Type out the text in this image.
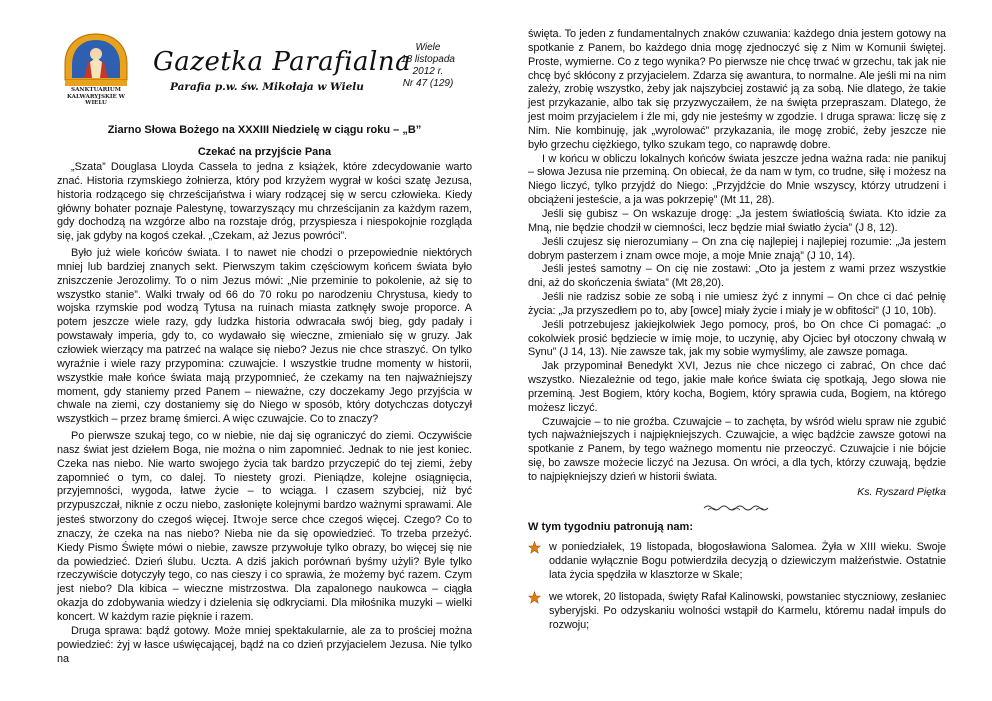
SANKTUARIUM KALWARYJSKIE W WIELU
Gazetka Parafialna
Parafia p.w. św. Mikołaja w Wielu
Wiele
18 listopada
2012 r.
Nr 47 (129)
Ziarno Słowa Bożego na XXXIII Niedzielę w ciągu roku – „B”
Czekać na przyjście Pana

„Szata” Douglasa Lloyda Cassela to jedna z książek, które zdecydowanie warto znać. Historia rzymskiego żołnierza, który pod krzyżem wygrał w kości szatę Jezusa, historia rodzącego się chrześcijaństwa i wiary rodzącej się w sercu człowieka. Kiedy główny bohater poznaje Palestynę, towarzyszący mu chrześcijanin za każdym razem, gdy dochodzą na wzgórze albo na rozstaje dróg, przyspiesza i niespokojnie rozgląda się, jak gdyby na kogoś czekał. „Czekam, aż Jezus powróci”.

Było już wiele końców świata. I to nawet nie chodzi o przepowiednie niektórych mniej lub bardziej znanych sekt. Pierwszym takim częściowym końcem świata było zniszczenie Jerozolimy. To o nim Jezus mówi: „Nie przeminie to pokolenie, aż się to wszystko stanie”. Walki trwały od 66 do 70 roku po narodzeniu Chrystusa, kiedy to wojska rzymskie pod wodzą Tytusa na ruinach miasta zatknęły swoje proporce. A potem jeszcze wiele razy, gdy ludzka historia odwracała swój bieg, gdy padały i powstawały imperia, gdy to, co wydawało się wieczne, zmieniało się w gruzy. Jak człowiek wierzący ma patrzeć na walące się niebo? Jezus nie chce straszyć. On tylko wyraźnie i wiele razy przypomina: czuwajcie. I wszystkie trudne momenty w historii, wszystkie małe końce świata mają przypomnieć, że czekamy na ten najważniejszy moment, gdy staniemy przed Panem – nieważne, czy doczekamy Jego przyjścia w chwale na ziemi, czy dostaniemy się do Niego w sposób, który dotychczas dotyczył wszystkich – przez bramę śmierci. A więc czuwajcie. Co to znaczy?

Po pierwsze szukaj tego, co w niebie, nie daj się ograniczyć do ziemi. Oczywiście nasz świat jest dziełem Boga, nie można o nim zapomnieć. Jednak to nie jest koniec. Czeka nas niebo. Nie warto swojego życia tak bardzo przyczepić do tej ziemi, żeby zapomnieć o tym, co dalej. To niestety grozi. Pieniądze, kolejne osiągnięcia, przyjemności, wygoda, łatwe życie – to wciąga. I czasem szybciej, niż być przypuszczał, niknie z oczu niebo, zasłonięte kolejnymi bardzo ważnymi sprawami. Ale jesteś stworzony do czegoś więcej. Itwoje serce chce czegoś więcej. Czego? Co to znaczy, że czeka na nas niebo? Nieba nie da się opowiedzieć. To trzeba przeżyć. Kiedy Pismo Święte mówi o niebie, zawsze przywołuje tylko obrazy, bo więcej się nie da powiedzieć. Dzień ślubu. Uczta. A dziś jakich porównań byśmy użyli? Byle tylko rzeczywiście dotyczyły tego, co nas cieszy i co sprawia, że możemy być razem. Czym jest niebo? Dla kibica – wieczne mistrzostwa. Dla zapalonego naukowca – ciągła okazja do zdobywania wiedzy i dzielenia się odkryciami. Dla miłośnika muzyki – wielki koncert. W każdym razie pięknie i razem.

Druga sprawa: bądź gotowy. Może mniej spektakularnie, ale za to prościej można powiedzieć: żyj w łasce uświęcającej, bądź na co dzień przyjacielem Jezusa. Nie tylko na

święta. To jeden z fundamentalnych znaków czuwania: każdego dnia jestem gotowy na spotkanie z Panem, bo każdego dnia mogę zjednoczyć się z Nim w Komunii świętej. Proste, wymierne. Co z tego wynika? Po pierwsze nie chcę trwać w grzechu, tak jak nie chcę być skłócony z przyjacielem. Zdarza się awantura, to normalne. Ale jeśli mi na nim zależy, zrobię wszystko, żeby jak najszybciej zostawić ją za sobą. Nie dlatego, że takie jest przykazanie, albo tak się przyzwyczaiłem, że na święta przepraszam. Dlatego, że jest moim przyjacielem i źle mi, gdy nie jesteśmy w zgodzie. I druga sprawa: liczę się z Nim. Nie kombinuję, jak „wyrolować” przykazania, ile mogę zrobić, żeby jeszcze nie było grzechu ciężkiego, tylko szukam tego, co naprawdę dobre.

I w końcu w obliczu lokalnych końców świata jeszcze jedna ważna rada: nie panikuj – słowa Jezusa nie przeminą. On obiecał, że da nam w tym, co trudne, siłę i możesz na Niego liczyć, tylko przyjdź do Niego: „Przyjdźcie do Mnie wszyscy, którzy utrudzeni i obciążeni jesteście, a ja was pokrzepię” (Mt 11, 28).

Jeśli się gubisz – On wskazuje drogę: „Ja jestem światłością świata. Kto idzie za Mną, nie będzie chodził w ciemności, lecz będzie miał światło życia” (J 8, 12).

Jeśli czujesz się nierozumiany – On zna cię najlepiej i najlepiej rozumie: „Ja jestem dobrym pasterzem i znam owce moje, a moje Mnie znają” (J 10, 14).

Jeśli jesteś samotny – On cię nie zostawi: „Oto ja jestem z wami przez wszystkie dni, aż do skończenia świata” (Mt 28,20).

Jeśli nie radzisz sobie ze sobą i nie umiesz żyć z innymi – On chce ci dać pełnię życia: „Ja przyszedłem po to, aby [owce] miały życie i miały je w obfitości” (J 10, 10b).

Jeśli potrzebujesz jakiejkolwiek Jego pomocy, proś, bo On chce Ci pomagać: „o cokolwiek prosić będziecie w imię moje, to uczynię, aby Ojciec był otoczony chwałą w Synu” (J 14, 13). Nie zawsze tak, jak my sobie wymyślimy, ale zawsze pomaga.

Jak przypominał Benedykt XVI, Jezus nie chce niczego ci zabrać, On chce dać wszystko. Niezależnie od tego, jakie małe końce świata cię spotkają, Jego słowa nie przeminą. Jest Bogiem, który kocha, Bogiem, który sprawia cuda, Bogiem, na którego możesz liczyć.

Czuwajcie – to nie groźba. Czuwajcie – to zachęta, by wśród wielu spraw nie zgubić tych najważniejszych i najpiękniejszych. Czuwajcie, a więc bądźcie zawsze gotowi na spotkanie z Panem, by tego ważnego momentu nie przeoczyć. Czuwajcie i nie bójcie się, bo zawsze możecie liczyć na Jezusa. On wróci, a dla tych, którzy czuwają, będzie to najpiękniejszy dzień w historii świata.

Ks. Ryszard Piętka
W tym tygodniu patronują nam:

w poniedziałek, 19 listopada, błogosławiona Salomea. Żyła w XIII wieku. Swoje oddanie wyłącznie Bogu potwierdziła decyzją o dziewiczym małżeństwie. Ostatnie lata życia spędziła w klasztorze w Skale;

we wtorek, 20 listopada, święty Rafał Kalinowski, powstaniec styczniowy, zesłaniec syberyjski. Po odzyskaniu wolności wstąpił do Karmelu, któremu nadał impuls do rozwoju;
